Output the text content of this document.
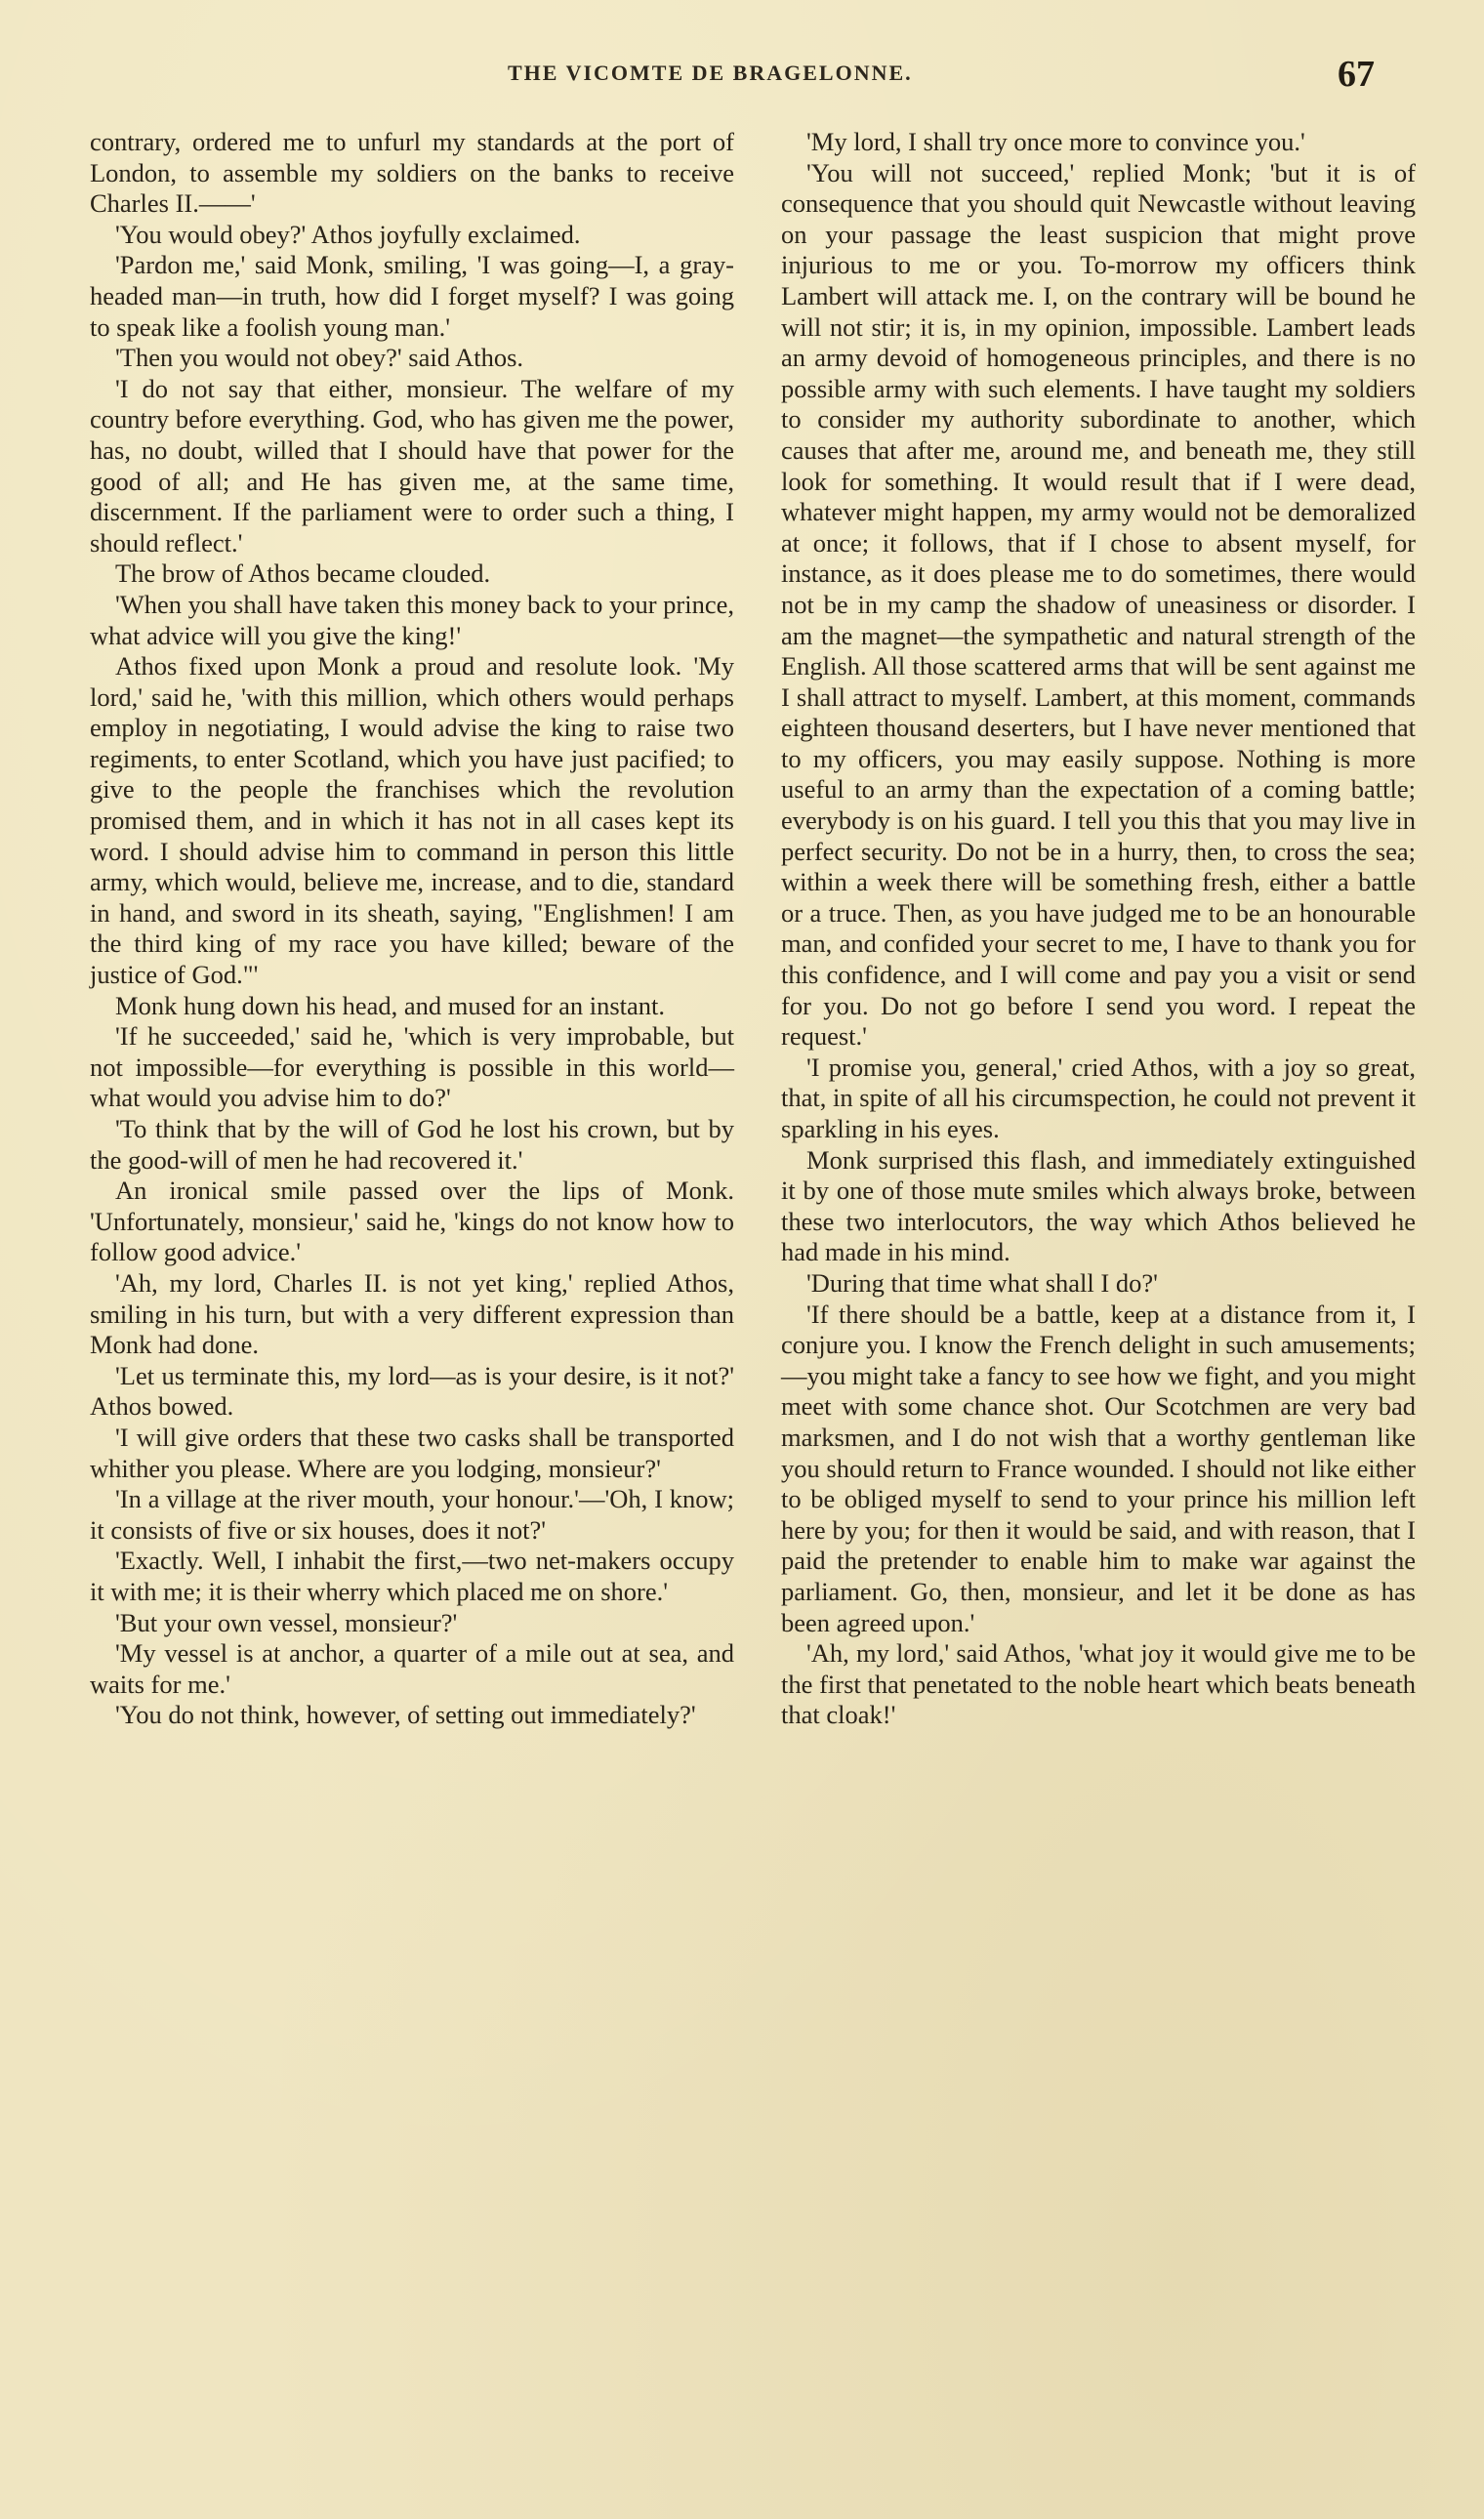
THE VICOMTE DE BRAGELONNE.	67

contrary, ordered me to unfurl my standards at the port of London, to assemble my soldiers on the banks to receive Charles II.——'

'You would obey?' Athos joyfully exclaimed.

'Pardon me,' said Monk, smiling, 'I was going—I, a gray-headed man—in truth, how did I forget myself? I was going to speak like a foolish young man.'

'Then you would not obey?' said Athos.

'I do not say that either, monsieur. The welfare of my country before everything. God, who has given me the power, has, no doubt, willed that I should have that power for the good of all; and He has given me, at the same time, discernment. If the parliament were to order such a thing, I should reflect.'

The brow of Athos became clouded.

'When you shall have taken this money back to your prince, what advice will you give the king!'

Athos fixed upon Monk a proud and resolute look. 'My lord,' said he, 'with this million, which others would perhaps employ in negotiating, I would advise the king to raise two regiments, to enter Scotland, which you have just pacified; to give to the people the franchises which the revolution promised them, and in which it has not in all cases kept its word. I should advise him to command in person this little army, which would, believe me, increase, and to die, standard in hand, and sword in its sheath, saying, "Englishmen! I am the third king of my race you have killed; beware of the justice of God."'

Monk hung down his head, and mused for an instant.

'If he succeeded,' said he, 'which is very improbable, but not impossible—for everything is possible in this world—what would you advise him to do?'

'To think that by the will of God he lost his crown, but by the good-will of men he had recovered it.'

An ironical smile passed over the lips of Monk. 'Unfortunately, monsieur,' said he, 'kings do not know how to follow good advice.'

'Ah, my lord, Charles II. is not yet king,' replied Athos, smiling in his turn, but with a very different expression than Monk had done.

'Let us terminate this, my lord—as is your desire, is it not?' Athos bowed.

'I will give orders that these two casks shall be transported whither you please. Where are you lodging, monsieur?'

'In a village at the river mouth, your honour.'—'Oh, I know; it consists of five or six houses, does it not?'

'Exactly. Well, I inhabit the first,—two net-makers occupy it with me; it is their wherry which placed me on shore.'

'But your own vessel, monsieur?'

'My vessel is at anchor, a quarter of a mile out at sea, and waits for me.'

'You do not think, however, of setting out immediately?'

'My lord, I shall try once more to convince you.'

'You will not succeed,' replied Monk; 'but it is of consequence that you should quit Newcastle without leaving on your passage the least suspicion that might prove injurious to me or you. To-morrow my officers think Lambert will attack me. I, on the contrary will be bound he will not stir; it is, in my opinion, impossible. Lambert leads an army devoid of homogeneous principles, and there is no possible army with such elements. I have taught my soldiers to consider my authority subordinate to another, which causes that after me, around me, and beneath me, they still look for something. It would result that if I were dead, whatever might happen, my army would not be demoralized at once; it follows, that if I chose to absent myself, for instance, as it does please me to do sometimes, there would not be in my camp the shadow of uneasiness or disorder. I am the magnet—the sympathetic and natural strength of the English. All those scattered arms that will be sent against me I shall attract to myself. Lambert, at this moment, commands eighteen thousand deserters, but I have never mentioned that to my officers, you may easily suppose. Nothing is more useful to an army than the expectation of a coming battle; everybody is on his guard. I tell you this that you may live in perfect security. Do not be in a hurry, then, to cross the sea; within a week there will be something fresh, either a battle or a truce. Then, as you have judged me to be an honourable man, and confided your secret to me, I have to thank you for this confidence, and I will come and pay you a visit or send for you. Do not go before I send you word. I repeat the request.'

'I promise you, general,' cried Athos, with a joy so great, that, in spite of all his circumspection, he could not prevent it sparkling in his eyes.

Monk surprised this flash, and immediately extinguished it by one of those mute smiles which always broke, between these two interlocutors, the way which Athos believed he had made in his mind.

'During that time what shall I do?'

'If there should be a battle, keep at a distance from it, I conjure you. I know the French delight in such amusements;—you might take a fancy to see how we fight, and you might meet with some chance shot. Our Scotchmen are very bad marksmen, and I do not wish that a worthy gentleman like you should return to France wounded. I should not like either to be obliged myself to send to your prince his million left here by you; for then it would be said, and with reason, that I paid the pretender to enable him to make war against the parliament. Go, then, monsieur, and let it be done as has been agreed upon.'

'Ah, my lord,' said Athos, 'what joy it would give me to be the first that penetated to the noble heart which beats beneath that cloak!'
